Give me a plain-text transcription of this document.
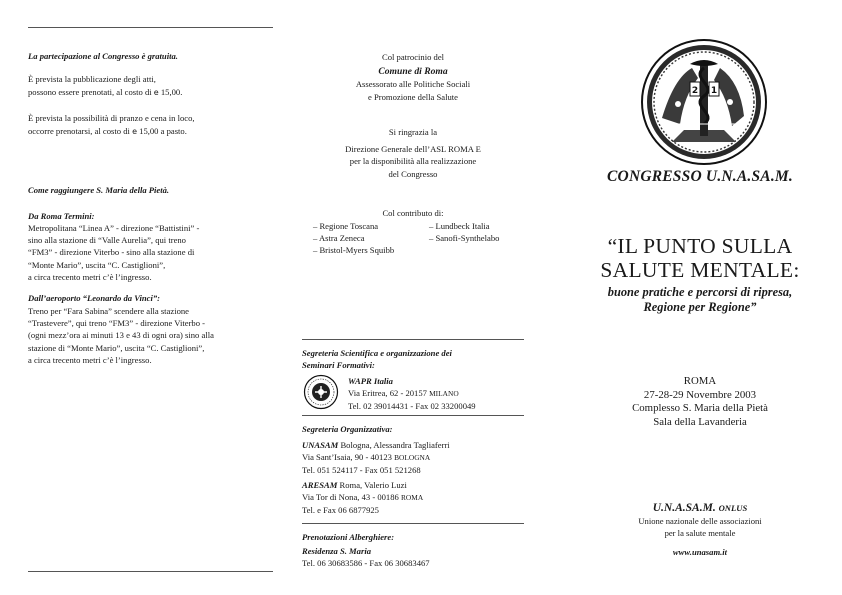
La partecipazione al Congresso è gratuita.

È prevista la pubblicazione degli atti,

possono essere prenotati, al costo di e 15,00.

È prevista la possibilità di pranzo e cena in loco,

occorre prenotarsi, al costo di e 15,00 a pasto.

Come raggiungere S. Maria della Pietà.

Da Roma Termini:

Metropolitana “Linea A” - direzione “Battistini” -
sino alla stazione di “Valle Aurelia”, qui treno
“FM3” - direzione Viterbo - sino alla stazione di
“Monte Mario”, uscita “C. Castiglioni”,
a circa trecento metri c’è l’ingresso.

Dall’aeroporto “Leonardo da Vinci”:

Treno per “Fara Sabina” scendere alla stazione
“Trastevere”, qui treno “FM3” - direzione Viterbo -
(ogni mezz’ora ai minuti 13 e 43 di ogni ora) sino alla
stazione di “Monte Mario”, uscita “C. Castiglioni”,
a circa trecento metri c’è l’ingresso.
Col patrocinio del
Comune di Roma
Assessorato alle Politiche Sociali
e Promozione della Salute
Si ringrazia la
Direzione Generale dell’ASL ROMA E
per la disponibilità alla realizzazione
del Congresso
Col contributo di:
– Regione Toscana	– Lundbeck Italia
– Astra Zeneca	– Sanofi-Synthelabo
– Bristol-Myers Squibb
Segreteria Scientifica e organizzazione dei
Seminari Formativi:
WAPR Italia
Via Eritrea, 62 - 20157 MILANO
Tel. 02 39014431 - Fax 02 33200049
Segreteria Organizzativa:
UNASAM Bologna, Alessandra Tagliaferri
Via Sant’Isaia, 90 - 40123 BOLOGNA
Tel. 051 524117 - Fax 051 521268
ARESAM Roma, Valerio Luzi
Via Tor di Nona, 43 - 00186 ROMA
Tel. e Fax 06 6877925
Prenotazioni Alberghiere:
Residenza S. Maria
Tel. 06 30683586 - Fax 06 30683467
2 1
CONGRESSO U.N.A.SA.M.
“IL PUNTO SULLA
SALUTE MENTALE:
buone pratiche e percorsi di ripresa,
Regione per Regione”
ROMA
27-28-29 Novembre 2003
Complesso S. Maria della Pietà
Sala della Lavanderia
U.N.A.SA.M. ONLUS
Unione nazionale delle associazioni
per la salute mentale
www.unasam.it
